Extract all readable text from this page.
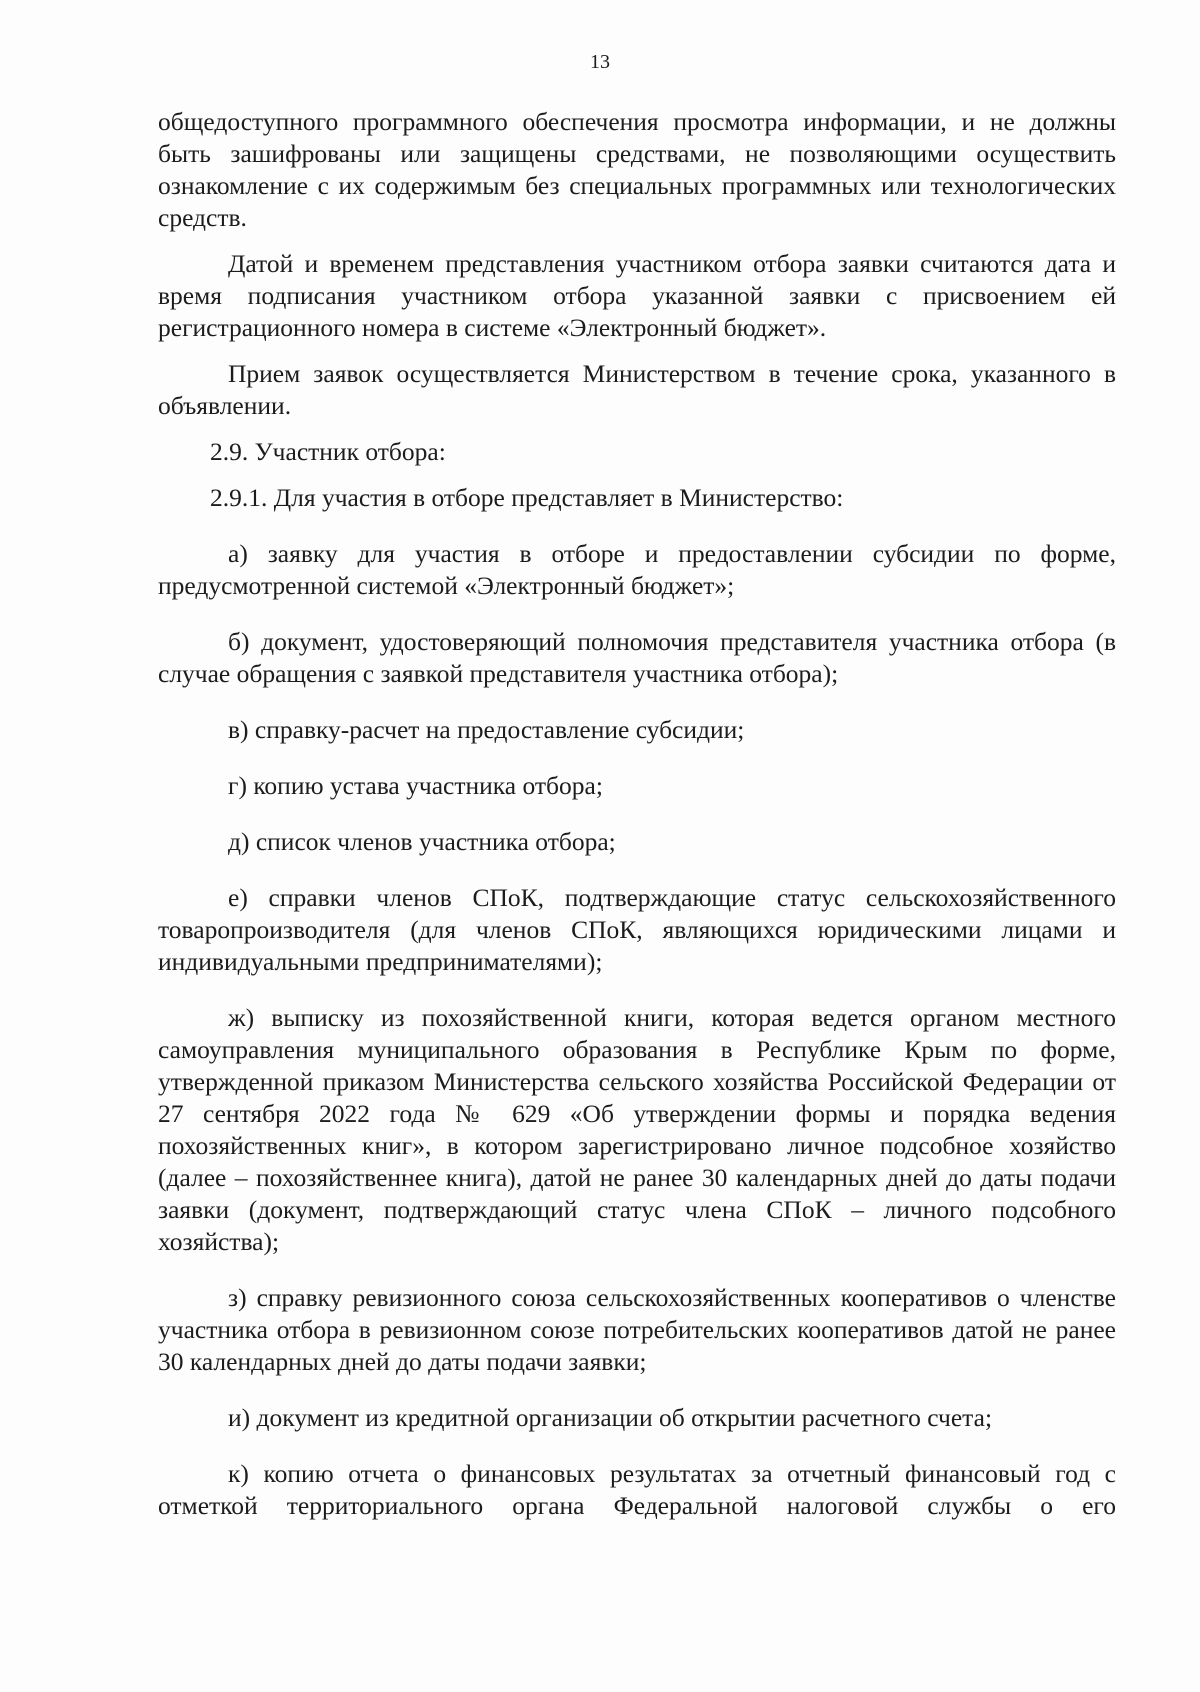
13

общедоступного программного обеспечения просмотра информации, и не должны быть зашифрованы или защищены средствами, не позволяющими осуществить ознакомление с их содержимым без специальных программных или технологических средств.

Датой и временем представления участником отбора заявки считаются дата и время подписания участником отбора указанной заявки с присвоением ей регистрационного номера в системе «Электронный бюджет».

Прием заявок осуществляется Министерством в течение срока, указанного в объявлении.

2.9. Участник отбора:

2.9.1. Для участия в отборе представляет в Министерство:

а) заявку для участия в отборе и предоставлении субсидии по форме, предусмотренной системой «Электронный бюджет»;

б) документ, удостоверяющий полномочия представителя участника отбора (в случае обращения с заявкой представителя участника отбора);

в) справку-расчет на предоставление субсидии;

г) копию устава участника отбора;

д) список членов участника отбора;

е) справки членов СПоК, подтверждающие статус сельскохозяйственного товаропроизводителя (для членов СПоК, являющихся юридическими лицами и индивидуальными предпринимателями);

ж) выписку из похозяйственной книги, которая ведется органом местного самоуправления муниципального образования в Республике Крым по форме, утвержденной приказом Министерства сельского хозяйства Российской Федерации от 27 сентября 2022 года № 629 «Об утверждении формы и порядка ведения похозяйственных книг», в котором зарегистрировано личное подсобное хозяйство (далее – похозяйственнее книга), датой не ранее 30 календарных дней до даты подачи заявки (документ, подтверждающий статус члена СПоК – личного подсобного хозяйства);

з) справку ревизионного союза сельскохозяйственных кооперативов о членстве участника отбора в ревизионном союзе потребительских кооперативов датой не ранее 30 календарных дней до даты подачи заявки;

и) документ из кредитной организации об открытии расчетного счета;

к) копию отчета о финансовых результатах за отчетный финансовый год с отметкой территориального органа Федеральной налоговой службы о его
